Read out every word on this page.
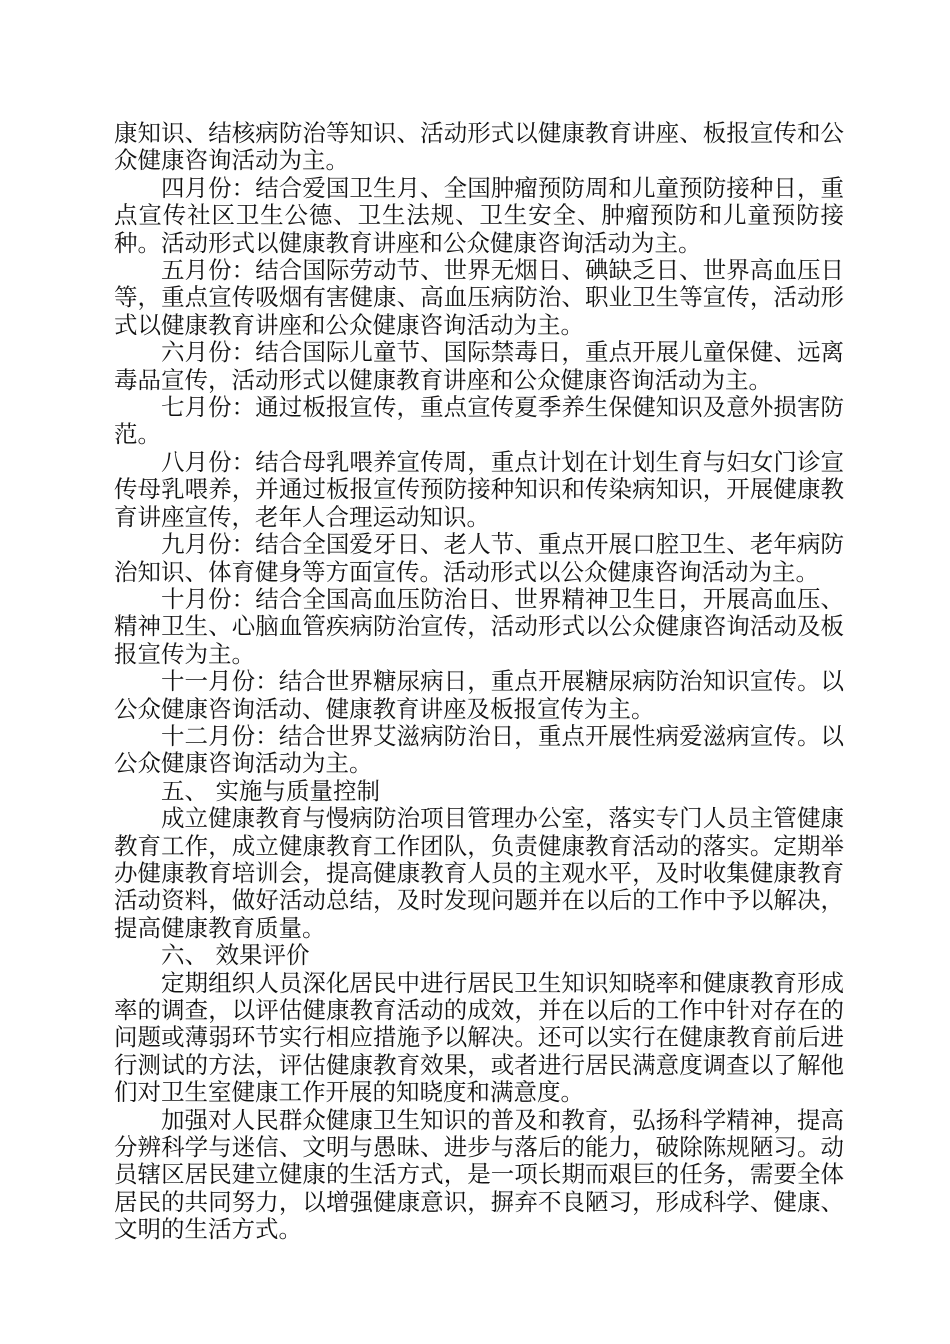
康知识、结核病防治等知识、活动形式以健康教育讲座、板报宣传和公众健康咨询活动为主。

四月份：结合爱国卫生月、全国肿瘤预防周和儿童预防接种日，重点宣传社区卫生公德、卫生法规、卫生安全、肿瘤预防和儿童预防接种。活动形式以健康教育讲座和公众健康咨询活动为主。

五月份：结合国际劳动节、世界无烟日、碘缺乏日、世界高血压日等，重点宣传吸烟有害健康、高血压病防治、职业卫生等宣传，活动形式以健康教育讲座和公众健康咨询活动为主。

六月份：结合国际儿童节、国际禁毒日，重点开展儿童保健、远离毒品宣传，活动形式以健康教育讲座和公众健康咨询活动为主。

七月份：通过板报宣传，重点宣传夏季养生保健知识及意外损害防范。

八月份：结合母乳喂养宣传周，重点计划在计划生育与妇女门诊宣传母乳喂养，并通过板报宣传预防接种知识和传染病知识，开展健康教育讲座宣传，老年人合理运动知识。

九月份：结合全国爱牙日、老人节、重点开展口腔卫生、老年病防治知识、体育健身等方面宣传。活动形式以公众健康咨询活动为主。

十月份：结合全国高血压防治日、世界精神卫生日，开展高血压、精神卫生、心脑血管疾病防治宣传，活动形式以公众健康咨询活动及板报宣传为主。

十一月份：结合世界糖尿病日，重点开展糖尿病防治知识宣传。以公众健康咨询活动、健康教育讲座及板报宣传为主。

十二月份：结合世界艾滋病防治日，重点开展性病爱滋病宣传。以公众健康咨询活动为主。

五、 实施与质量控制

成立健康教育与慢病防治项目管理办公室，落实专门人员主管健康教育工作，成立健康教育工作团队，负责健康教育活动的落实。定期举办健康教育培训会，提高健康教育人员的主观水平，及时收集健康教育活动资料，做好活动总结，及时发现问题并在以后的工作中予以解决，提高健康教育质量。

六、 效果评价

定期组织人员深化居民中进行居民卫生知识知晓率和健康教育形成率的调查，以评估健康教育活动的成效，并在以后的工作中针对存在的问题或薄弱环节实行相应措施予以解决。还可以实行在健康教育前后进行测试的方法，评估健康教育效果，或者进行居民满意度调查以了解他们对卫生室健康工作开展的知晓度和满意度。

加强对人民群众健康卫生知识的普及和教育，弘扬科学精神，提高分辨科学与迷信、文明与愚昧、进步与落后的能力，破除陈规陋习。动员辖区居民建立健康的生活方式，是一项长期而艰巨的任务，需要全体居民的共同努力，以增强健康意识，摒弃不良陋习，形成科学、健康、文明的生活方式。
